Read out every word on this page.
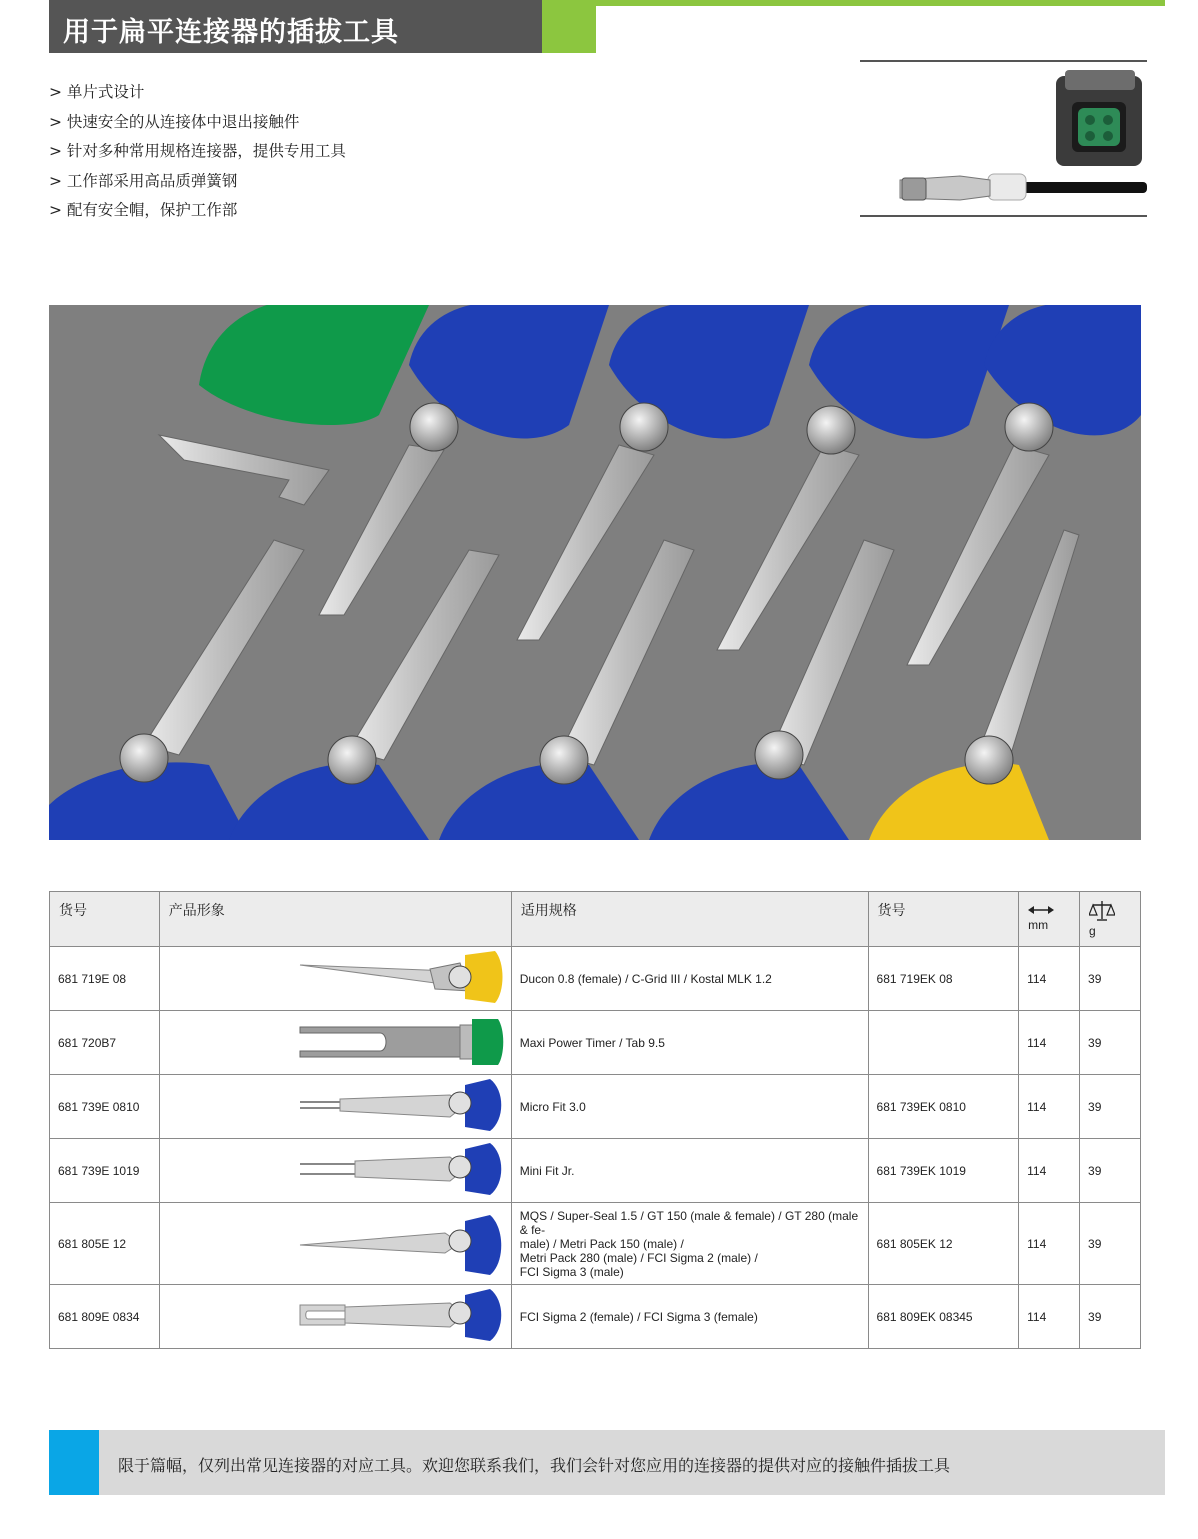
用于扁平连接器的插拔工具
> 单片式设计
> 快速安全的从连接体中退出接触件
> 针对多种常用规格连接器，提供专用工具
> 工作部采用高品质弹簧钢
> 配有安全帽，保护工作部
货号	产品形象	适用规格	货号	mm	g

681 719E 08		Ducon 0.8 (female) / C-Grid III / Kostal MLK 1.2	681 719EK 08	114	39
681 720B7		Maxi Power Timer / Tab 9.5		114	39
681 739E 0810		Micro Fit 3.0	681 739EK 0810	114	39
681 739E 1019		Mini Fit Jr.	681 739EK 1019	114	39
681 805E 12		MQS / Super-Seal 1.5 / GT 150 (male & female) / GT 280 (male & fe-
male) / Metri Pack 150 (male) /
Metri Pack 280 (male) / FCI Sigma 2 (male) /
FCI Sigma 3 (male)	681 805EK 12	114	39
681 809E 0834		FCI Sigma 2 (female) / FCI Sigma 3 (female)	681 809EK 08345	114	39
限于篇幅，仅列出常见连接器的对应工具。欢迎您联系我们，我们会针对您应用的连接器的提供对应的接触件插拔工具
